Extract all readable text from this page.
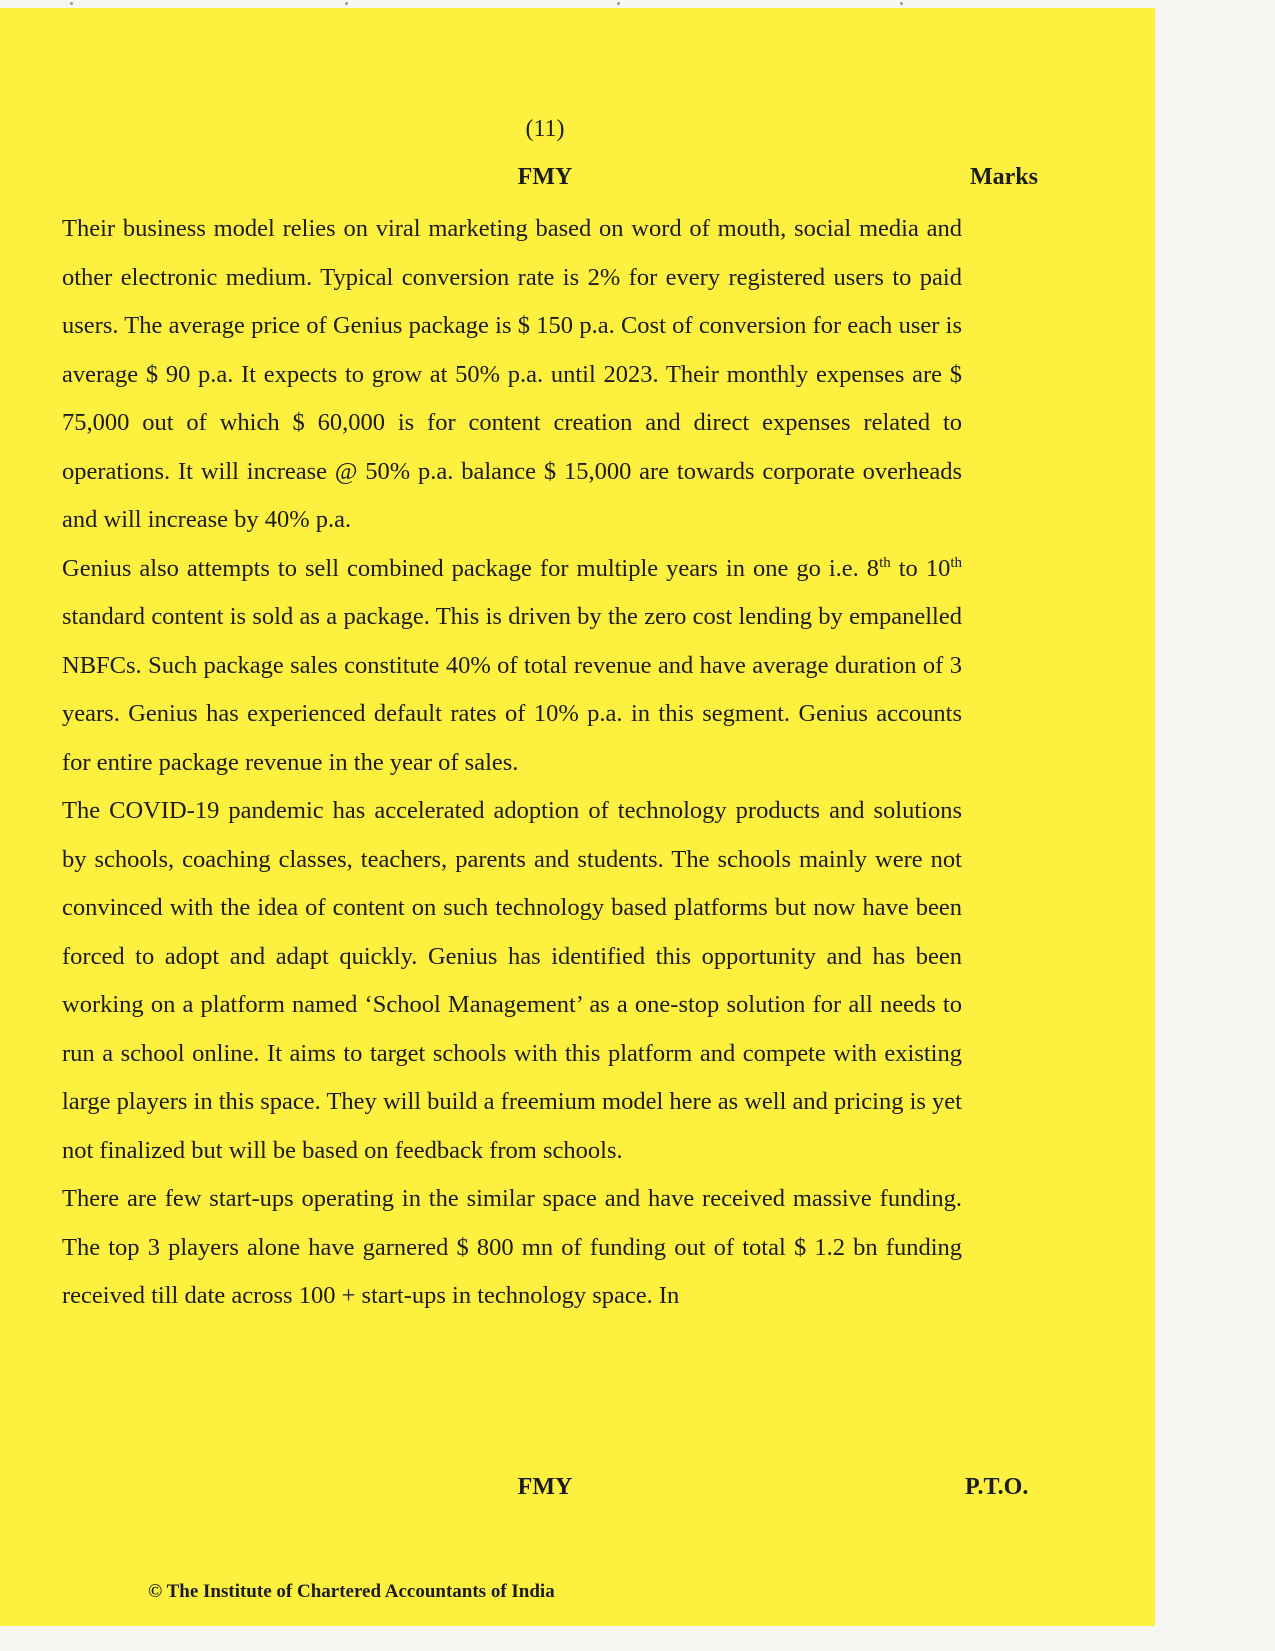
(11)
FMY	Marks

Their business model relies on viral marketing based on word of mouth, social media and other electronic medium. Typical conversion rate is 2% for every registered users to paid users. The average price of Genius package is $ 150 p.a. Cost of conversion for each user is average $ 90 p.a. It expects to grow at 50% p.a. until 2023. Their monthly expenses are $ 75,000 out of which $ 60,000 is for content creation and direct expenses related to operations. It will increase @ 50% p.a. balance $ 15,000 are towards corporate overheads and will increase by 40% p.a.

Genius also attempts to sell combined package for multiple years in one go i.e. 8th to 10th standard content is sold as a package. This is driven by the zero cost lending by empanelled NBFCs. Such package sales constitute 40% of total revenue and have average duration of 3 years. Genius has experienced default rates of 10% p.a. in this segment. Genius accounts for entire package revenue in the year of sales.

The COVID-19 pandemic has accelerated adoption of technology products and solutions by schools, coaching classes, teachers, parents and students. The schools mainly were not convinced with the idea of content on such technology based platforms but now have been forced to adopt and adapt quickly. Genius has identified this opportunity and has been working on a platform named ‘School Management’ as a one-stop solution for all needs to run a school online. It aims to target schools with this platform and compete with existing large players in this space. They will build a freemium model here as well and pricing is yet not finalized but will be based on feedback from schools.

There are few start-ups operating in the similar space and have received massive funding. The top 3 players alone have garnered $ 800 mn of funding out of total $ 1.2 bn funding received till date across 100 + start-ups in technology space. In

FMY	P.T.O.
© The Institute of Chartered Accountants of India
